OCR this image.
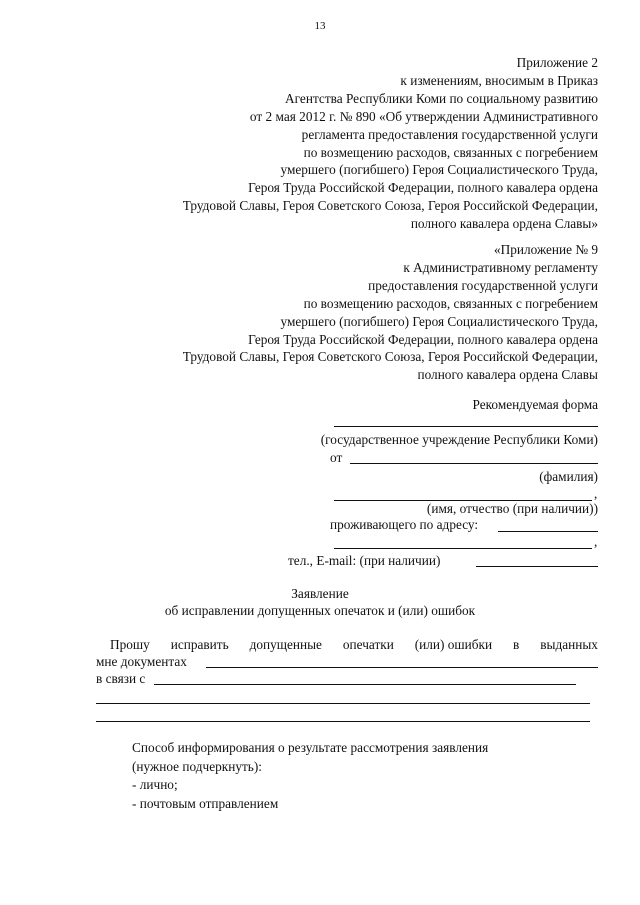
13
Приложение 2
к изменениям, вносимым в Приказ
Агентства Республики Коми по социальному развитию
от 2 мая 2012 г. № 890 «Об утверждении Административного
регламента предоставления государственной услуги
по возмещению расходов, связанных с погребением
умершего (погибшего) Героя Социалистического Труда,
Героя Труда Российской Федерации, полного кавалера ордена
Трудовой Славы, Героя Советского Союза, Героя Российской Федерации,
полного кавалера ордена Славы»
«Приложение № 9
к Административному регламенту
предоставления государственной услуги
по возмещению расходов, связанных с погребением
умершего (погибшего) Героя Социалистического Труда,
Героя Труда Российской Федерации, полного кавалера ордена
Трудовой Славы, Героя Советского Союза, Героя Российской Федерации,
полного кавалера ордена Славы
Рекомендуемая форма
(государственное учреждение Республики Коми)
от
(фамилия)
,
(имя, отчество (при наличии))
проживающего по адресу:
,
тел., E-mail: (при наличии)
Заявление
об исправлении допущенных опечаток и (или) ошибок
Прошу	исправить	допущенные	опечатки	(или) ошибки	в	выданных
мне документах
в связи с
Способ информирования о результате рассмотрения заявления
(нужное подчеркнуть):
- лично;
- почтовым отправлением
